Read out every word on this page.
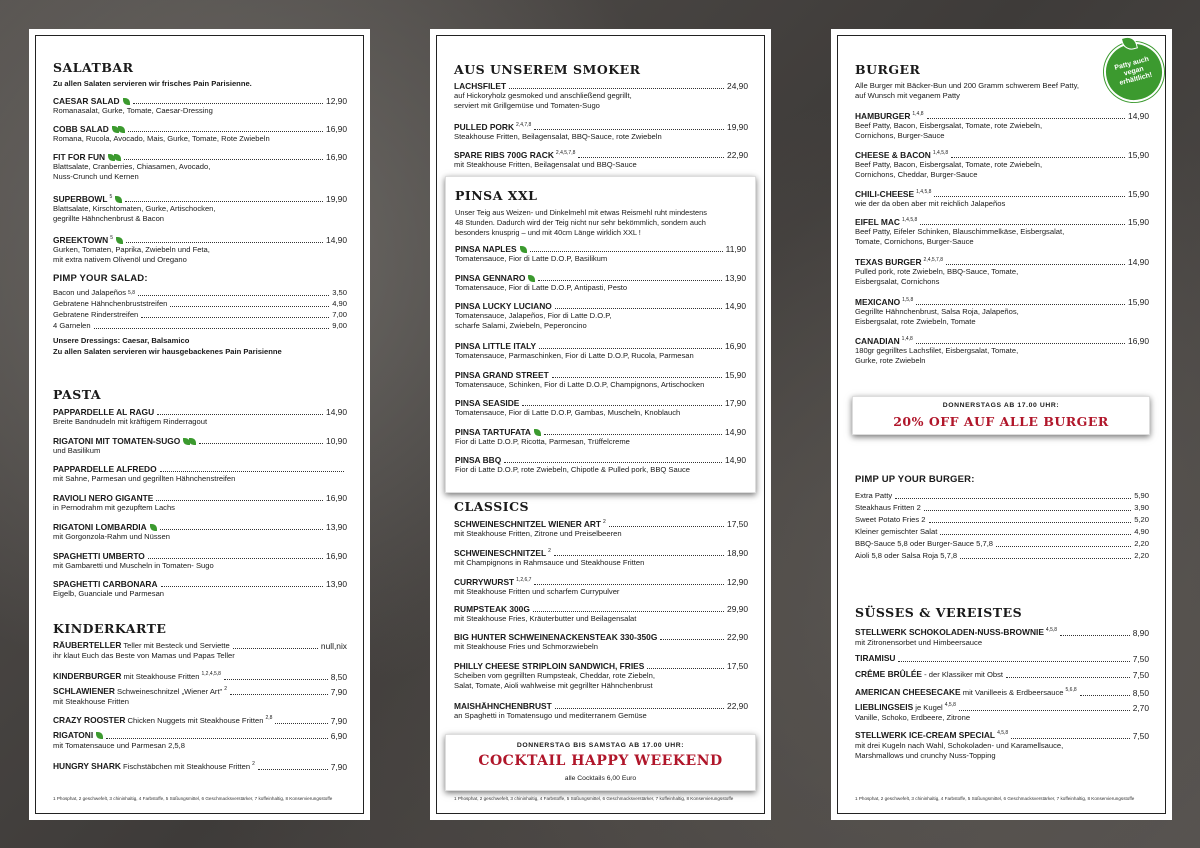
SALATBAR
Zu allen Salaten servieren wir frisches Pain Parisienne.
CAESAR SALAD	12,90
Romanasalat, Gurke, Tomate, Caesar-Dressing
COBB SALAD	16,90
Romana, Rucola, Avocado, Mais, Gurke, Tomate, Rote Zwiebeln
FIT FOR FUN	16,90
Blattsalate, Cranberries, Chiasamen, Avocado,
Nuss-Crunch und Kernen
SUPERBOWL $^5$	19,90
Blattsalate, Kirschtomaten, Gurke, Artischocken,
gegrillte Hähnchenbrust & Bacon
GREEKTOWN $^5$	14,90
Gurken, Tomaten, Paprika, Zwiebeln und Feta,
mit extra nativem Olivenöl und Oregano
PIMP YOUR SALAD:
Bacon und Jalapeños 5,8	3,50
Gebratene Hähnchenbruststreifen	4,90
Gebratene Rinderstreifen	7,00
4 Garnelen	9,00
Unsere Dressings: Caesar, Balsamico
Zu allen Salaten servieren wir hausgebackenes Pain Parisienne
PASTA
PAPPARDELLE AL RAGU	14,90
Breite Bandnudeln mit kräftigem Rinderragout
RIGATONI MIT TOMATEN-SUGO	10,90
und Basilikum
PAPPARDELLE ALFREDO
mit Sahne, Parmesan und gegrillten Hähnchenstreifen
RAVIOLI NERO GIGANTE	16,90
in Pernodrahm mit gezupftem Lachs
RIGATONI LOMBARDIA	13,90
mit Gorgonzola-Rahm und Nüssen
SPAGHETTI UMBERTO	16,90
mit Gambaretti und Muscheln in Tomaten- Sugo
SPAGHETTI CARBONARA	13,90
Eigelb, Guanciale und Parmesan
KINDERKARTE
RÄUBERTELLER Teller mit Besteck und Serviette	null,nix
ihr klaut Euch das Beste von Mamas und Papas Teller
KINDERBURGER mit Steakhouse Fritten $^{1,2,4,5,8}$	8,50
SCHLAWIENER Schweineschnitzel „Wiener Art" $^2$	7,90
mit Steakhouse Fritten
CRAZY ROOSTER Chicken Nuggets mit Steakhouse Fritten $^{2,8}$	7,90
RIGATONI	6,90
mit Tomatensauce und Parmesan 2,5,8
HUNGRY SHARK Fischstäbchen mit Steakhouse Fritten $^2$	7,90
1 Phosphat, 2 geschwefelt, 3 chininhaltig, 4 Farbstoffe, 5 Süßungsmittel, 6 Geschmacksverstärker, 7 koffeinhaltig, 8 Konservierungsstoffe
AUS UNSEREM SMOKER
LACHSFILET	24,90
auf Hickoryholz gesmoked und anschließend gegrillt,
serviert mit Grillgemüse und Tomaten-Sugo
PULLED PORK $^{2,4,7,8}$	19,90
Steakhouse Fritten, Beilagensalat, BBQ-Sauce, rote Zwiebeln
SPARE RIBS 700G RACK $^{2,4,5,7,8}$	22,90
mit Steakhouse Fritten, Beilagensalat und BBQ-Sauce
PINSA XXL
Unser Teig aus Weizen- und Dinkelmehl mit etwas Reismehl ruht mindestens
48 Stunden. Dadurch wird der Teig nicht nur sehr bekömmlich, sondern auch
besonders knusprig – und mit 40cm Länge wirklich XXL !
PINSA NAPLES	11,90
Tomatensauce, Fior di Latte D.O.P, Basilikum
PINSA GENNARO	13,90
Tomatensauce, Fior di Latte D.O.P, Antipasti, Pesto
PINSA LUCKY LUCIANO	14,90
Tomatensauce, Jalapeños, Fior di Latte D.O.P,
scharfe Salami, Zwiebeln, Peperoncino
PINSA LITTLE ITALY	16,90
Tomatensauce, Parmaschinken, Fior di Latte D.O.P, Rucola, Parmesan
PINSA GRAND STREET	15,90
Tomatensauce, Schinken, Fior di Latte D.O.P, Champignons, Artischocken
PINSA SEASIDE	17,90
Tomatensauce, Fior di Latte D.O.P, Gambas, Muscheln, Knoblauch
PINSA TARTUFATA	14,90
Fior di Latte D.O.P, Ricotta, Parmesan, Trüffelcreme
PINSA BBQ	14,90
Fior di Latte D.O.P, rote Zwiebeln, Chipotle & Pulled pork, BBQ Sauce
CLASSICS
SCHWEINESCHNITZEL WIENER ART $^2$	17,50
mit Steakhouse Fritten, Zitrone und Preiselbeeren
SCHWEINESCHNITZEL $^2$	18,90
mit Champignons in Rahmsauce und Steakhouse Fritten
CURRYWURST $^{1,2,6,7}$	12,90
mit Steakhouse Fritten und scharfem Currypulver
RUMPSTEAK 300G	29,90
mit Steakhouse Fries, Kräuterbutter und Beilagensalat
BIG HUNTER SCHWEINENACKENSTEAK 330-350G	22,90
mit Steakhouse Fries und Schmorzwiebeln
PHILLY CHEESE STRIPLOIN SANDWICH, FRIES	17,50
Scheiben vom gegrillten Rumpsteak, Cheddar, rote Ziebeln,
Salat, Tomate, Aioli wahlweise mit gegrillter Hähnchenbrust
MAISHÄHNCHENBRUST	22,90
an Spaghetti in Tomatensugo und mediterranem Gemüse
DONNERSTAG BIS SAMSTAG AB 17.00 UHR:
COCKTAIL HAPPY WEEKEND
alle Cocktails 6,00 Euro
1 Phosphat, 2 geschwefelt, 3 chininhaltig, 4 Farbstoffe, 5 Süßungsmittel, 6 Geschmacksverstärker, 7 koffeinhaltig, 8 Konservierungsstoffe
Patty auch vegan erhältlich!
BURGER
Alle Burger mit Bäcker-Bun und 200 Gramm schwerem Beef Patty,
auf Wunsch mit veganem Patty
HAMBURGER $^{1,4,8}$	14,90
Beef Patty, Bacon, Eisbergsalat, Tomate, rote Zwiebeln,
Cornichons, Burger-Sauce
CHEESE & BACON $^{1,4,5,8}$	15,90
Beef Patty, Bacon, Eisbergsalat, Tomate, rote Zwiebeln,
Cornichons, Cheddar, Burger-Sauce
CHILI-CHEESE $^{1,4,5,8}$	15,90
wie der da oben aber mit reichlich Jalapeños
EIFEL MAC $^{1,4,5,8}$	15,90
Beef Patty, Eifeler Schinken, Blauschimmelkäse, Eisbergsalat,
Tomate, Cornichons, Burger-Sauce
TEXAS BURGER $^{2,4,5,7,8}$	14,90
Pulled pork, rote Zwiebeln, BBQ-Sauce, Tomate,
Eisbergsalat, Cornichons
MEXICANO $^{1,5,8}$	15,90
Gegrillte Hähnchenbrust, Salsa Roja, Jalapeños,
Eisbergsalat, rote Zwiebeln, Tomate
CANADIAN $^{1,4,8}$	16,90
180gr gegrilltes Lachsfilet, Eisbergsalat, Tomate,
Gurke, rote Zwiebeln
DONNERSTAGS AB 17.00 UHR:
20% OFF AUF ALLE BURGER
PIMP UP YOUR BURGER:
Extra Patty	5,90
Steakhaus Fritten 2	3,90
Sweet Potato Fries 2	5,20
Kleiner gemischter Salat	4,90
BBQ-Sauce 5,8 oder Burger-Sauce 5,7,8	2,20
Aioli 5,8 oder Salsa Roja 5,7,8	2,20
SÜSSES & VEREISTES
STELLWERK SCHOKOLADEN-NUSS-BROWNIE $^{4,5,8}$	8,90
mit Zitronensorbet und Himbeersauce
TIRAMISU	7,50
CRÊME BRÛLÉE - der Klassiker mit Obst	7,50
AMERICAN CHEESECAKE mit Vanilleeis & Erdbeersauce $^{5,6,8}$	8,50
LIEBLINGSEIS je Kugel $^{4,5,8}$	2,70
Vanille, Schoko, Erdbeere, Zitrone
STELLWERK ICE-CREAM SPECIAL $^{4,5,8}$	7,50
mit drei Kugeln nach Wahl, Schokoladen- und Karamellsauce,
Marshmallows und crunchy Nuss-Topping
1 Phosphat, 2 geschwefelt, 3 chininhaltig, 4 Farbstoffe, 5 Süßungsmittel, 6 Geschmacksverstärker, 7 koffeinhaltig, 8 Konservierungsstoffe
